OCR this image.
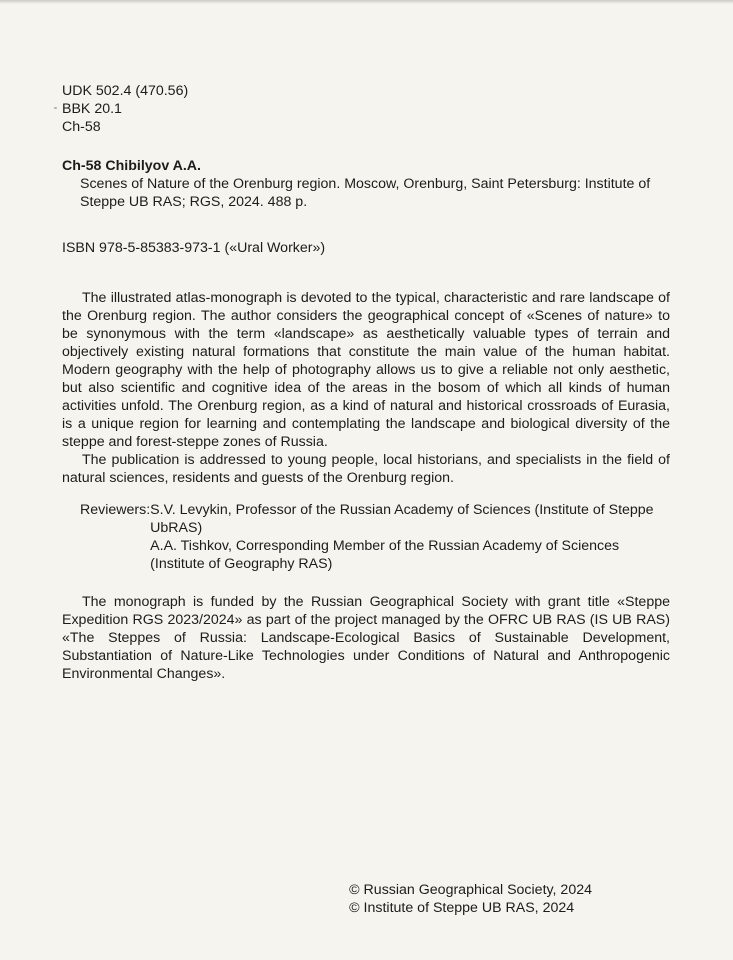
UDK 502.4 (470.56)
BBK 20.1
Ch-58
Ch-58 Chibilyov A.A.
Scenes of Nature of the Orenburg region. Moscow, Orenburg, Saint Petersburg: Institute of Steppe UB RAS; RGS, 2024. 488 p.
ISBN 978-5-85383-973-1 («Ural Worker»)

The illustrated atlas-monograph is devoted to the typical, characteristic and rare landscape of the Orenburg region. The author considers the geographical concept of «Scenes of nature» to be synonymous with the term «landscape» as aesthetically valuable types of terrain and objectively existing natural formations that constitute the main value of the human habitat. Modern geography with the help of photography allows us to give a reliable not only aesthetic, but also scientific and cognitive idea of the areas in the bosom of which all kinds of human activities unfold. The Orenburg region, as a kind of natural and historical crossroads of Eurasia, is a unique region for learning and contemplating the landscape and biological diversity of the steppe and forest-steppe zones of Russia.

The publication is addressed to young people, local historians, and specialists in the field of natural sciences, residents and guests of the Orenburg region.

Reviewers: S.V. Levykin, Professor of the Russian Academy of Sciences (Institute of Steppe UbRAS)
A.A. Tishkov, Corresponding Member of the Russian Academy of Sciences (Institute of Geography RAS)

The monograph is funded by the Russian Geographical Society with grant title «Steppe Expedition RGS 2023/2024» as part of the project managed by the OFRC UB RAS (IS UB RAS) «The Steppes of Russia: Landscape-Ecological Basics of Sustainable Development, Substantiation of Nature-Like Technologies under Conditions of Natural and Anthropogenic Environmental Changes».

© Russian Geographical Society, 2024
© Institute of Steppe UB RAS, 2024
